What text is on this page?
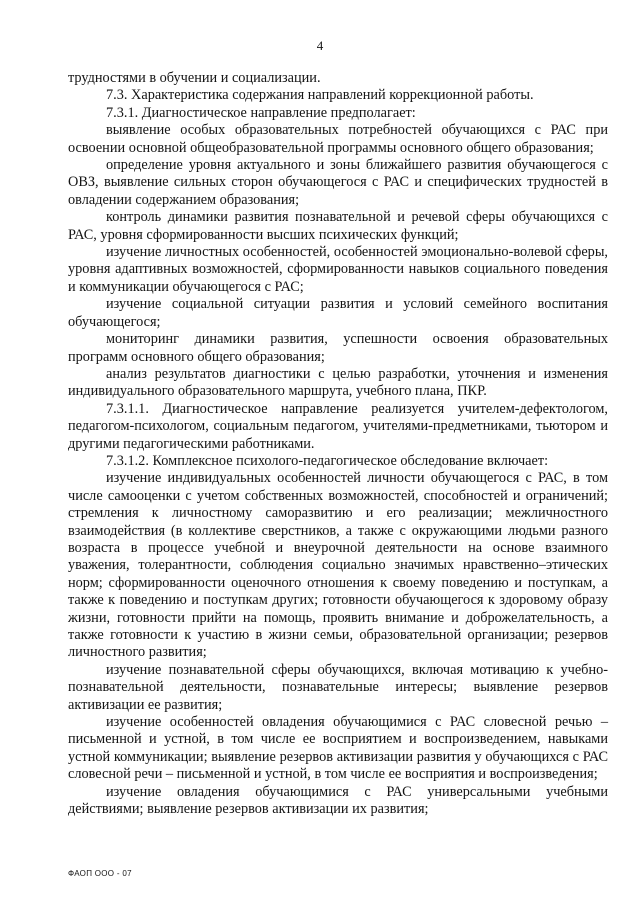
4

трудностями в обучении и социализации.

7.3. Характеристика содержания направлений коррекционной работы.

7.3.1. Диагностическое направление предполагает:

выявление особых образовательных потребностей обучающихся с РАС при освоении основной общеобразовательной программы основного общего образования;

определение уровня актуального и зоны ближайшего развития обучающегося с ОВЗ, выявление сильных сторон обучающегося с РАС и специфических трудностей в овладении содержанием образования;

контроль динамики развития познавательной и речевой сферы обучающихся с РАС, уровня сформированности высших психических функций;

изучение личностных особенностей, особенностей эмоционально-волевой сферы, уровня адаптивных возможностей, сформированности навыков социального поведения и коммуникации обучающегося с РАС;

изучение социальной ситуации развития и условий семейного воспитания обучающегося;

мониторинг динамики развития, успешности освоения образовательных программ основного общего образования;

анализ результатов диагностики с целью разработки, уточнения и изменения индивидуального образовательного маршрута, учебного плана, ПКР.

7.3.1.1. Диагностическое направление реализуется учителем-дефектологом, педагогом-психологом, социальным педагогом, учителями-предметниками, тьютором и другими педагогическими работниками.

7.3.1.2. Комплексное психолого-педагогическое обследование включает:

изучение индивидуальных особенностей личности обучающегося с РАС, в том числе самооценки с учетом собственных возможностей, способностей и ограничений; стремления к личностному саморазвитию и его реализации; межличностного взаимодействия (в коллективе сверстников, а также с окружающими людьми разного возраста в процессе учебной и внеурочной деятельности на основе взаимного уважения, толерантности, соблюдения социально значимых нравственно–этических норм; сформированности оценочного отношения к своему поведению и поступкам, а также к поведению и поступкам других; готовности обучающегося к здоровому образу жизни, готовности прийти на помощь, проявить внимание и доброжелательность, а также готовности к участию в жизни семьи, образовательной организации; резервов личностного развития;

изучение познавательной сферы обучающихся, включая мотивацию к учебно-познавательной деятельности, познавательные интересы; выявление резервов активизации ее развития;

изучение особенностей овладения обучающимися с РАС словесной речью – письменной и устной, в том числе ее восприятием и воспроизведением, навыками устной коммуникации; выявление резервов активизации развития у обучающихся с РАС словесной речи – письменной и устной, в том числе ее восприятия и воспроизведения;

изучение овладения обучающимися с РАС универсальными учебными действиями; выявление резервов активизации их развития;

ФАОП ООО - 07
